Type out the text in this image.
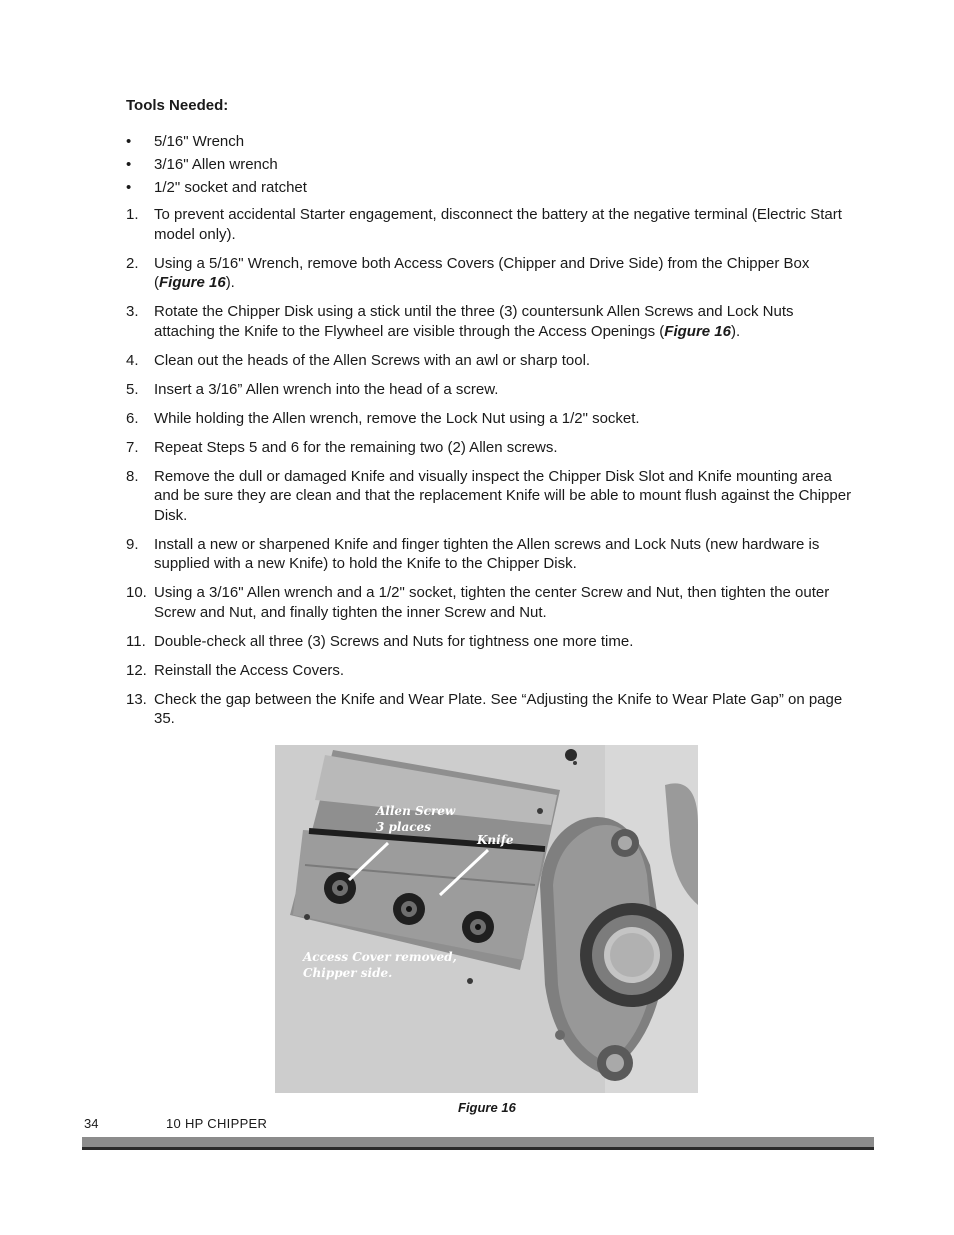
Tools Needed:
• 5/16" Wrench
• 3/16" Allen wrench
• 1/2" socket and ratchet
1. To prevent accidental Starter engagement, disconnect the battery at the negative terminal (Electric Start model only).
2. Using a 5/16" Wrench, remove both Access Covers (Chipper and Drive Side) from the Chipper Box (Figure 16).
3. Rotate the Chipper Disk using a stick until the three (3) countersunk Allen Screws and Lock Nuts attaching the Knife to the Flywheel are visible through the Access Openings (Figure 16).
4. Clean out the heads of the Allen Screws with an awl or sharp tool.
5. Insert a 3/16” Allen wrench into the head of a screw.
6. While holding the Allen wrench, remove the Lock Nut using a 1/2" socket.
7. Repeat Steps 5 and 6 for the remaining two (2) Allen screws.
8. Remove the dull or damaged Knife and visually inspect the Chipper Disk Slot and Knife mounting area and be sure they are clean and that the replacement Knife will be able to mount flush against the Chipper Disk.
9. Install a new or sharpened Knife and finger tighten the Allen screws and Lock Nuts (new hardware is supplied with a new Knife) to hold the Knife to the Chipper Disk.
10. Using a 3/16" Allen wrench and a 1/2" socket, tighten the center Screw and Nut, then tighten the outer Screw and Nut, and finally tighten the inner Screw and Nut.
11. Double-check all three (3) Screws and Nuts for tightness one more time.
12. Reinstall the Access Covers.
13. Check the gap between the Knife and Wear Plate. See “Adjusting the Knife to Wear Plate Gap” on page 35.
Allen Screw
3 places
Knife
Access Cover removed,
Chipper side.
Figure 16
34	10 HP CHIPPER
